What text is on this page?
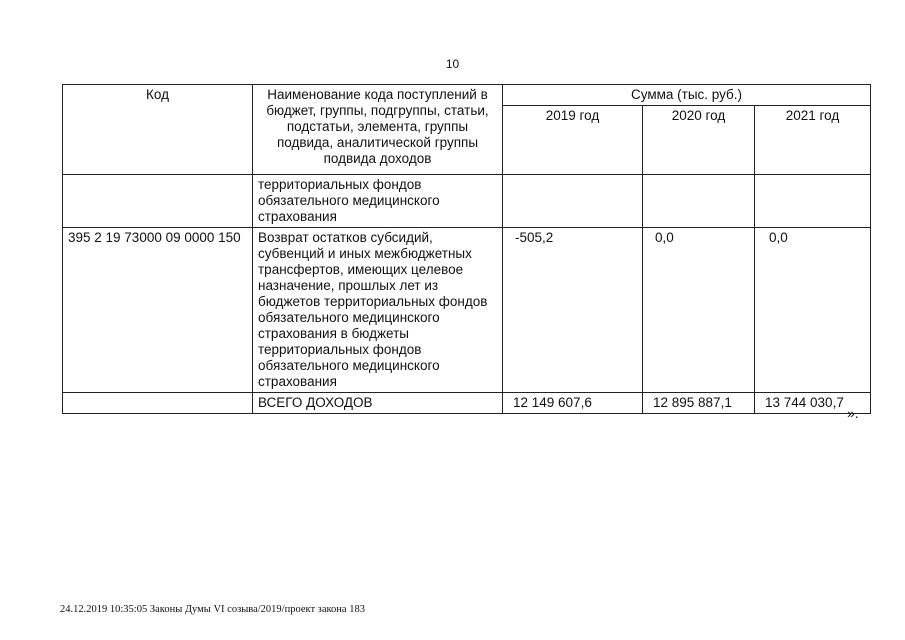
10
Код	Наименование кода поступлений в бюджет, группы, подгруппы, статьи, подстатьи, элемента, группы подвида, аналитической группы подвида доходов	Сумма (тыс. руб.)		
		2019 год	2020 год	2021 год
	территориальных фондов обязательного медицинского страхования			
395 2 19 73000 09 0000 150	Возврат остатков субсидий, субвенций и иных межбюджетных трансфертов, имеющих целевое назначение, прошлых лет из бюджетов территориальных фондов обязательного медицинского страхования в бюджеты территориальных фондов обязательного медицинского страхования	-505,2	0,0	0,0
	ВСЕГО ДОХОДОВ	12 149 607,6	12 895 887,1	13 744 030,7
».
24.12.2019 10:35:05 Законы Думы VI созыва/2019/проект закона 183
